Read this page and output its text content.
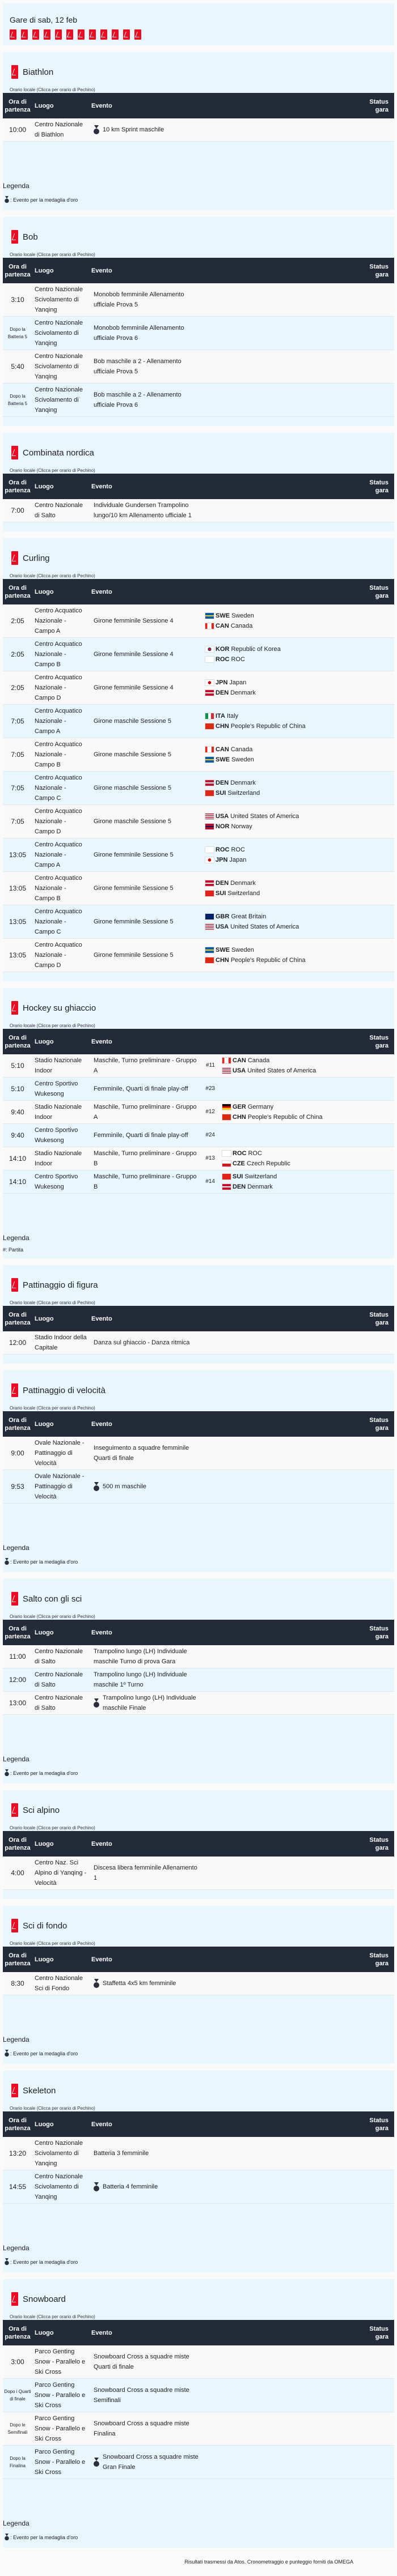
Gare di sab, 12 feb
Biathlon
Orario locale (Clicca per orario di Pechino)
Ora di partenza	Luogo	Evento		Status gara
10:00	Centro Nazionale di Biathlon	10 km Sprint maschile		

Legenda
: Evento per la medaglia d'oro
Bob
Orario locale (Clicca per orario di Pechino)
Ora di partenza	Luogo	Evento		Status gara
3:10	Centro Nazionale Scivolamento di Yanqing	Monobob femminile Allenamento ufficiale Prova 5		

Dopo la Batteria 5	Centro Nazionale Scivolamento di Yanqing	Monobob femminile Allenamento ufficiale Prova 6		

5:40	Centro Nazionale Scivolamento di Yanqing	Bob maschile a 2 - Allenamento ufficiale Prova 5		

Dopo la Batteria 5	Centro Nazionale Scivolamento di Yanqing	Bob maschile a 2 - Allenamento ufficiale Prova 6		

Combinata nordica
Orario locale (Clicca per orario di Pechino)
Ora di partenza	Luogo	Evento		Status gara
7:00	Centro Nazionale di Salto	Individuale Gundersen Trampolino lungo/10 km Allenamento ufficiale 1		

Curling
Orario locale (Clicca per orario di Pechino)
Ora di partenza	Luogo	Evento		Status gara
2:05	Centro Acquatico Nazionale - Campo A	Girone femminile Sessione 4	SWE Sweden
CAN Canada	

2:05	Centro Acquatico Nazionale - Campo B	Girone femminile Sessione 4	KOR Republic of Korea
ROC ROC	

2:05	Centro Acquatico Nazionale - Campo D	Girone femminile Sessione 4	JPN Japan
DEN Denmark	

7:05	Centro Acquatico Nazionale - Campo A	Girone maschile Sessione 5	ITA Italy
CHN People's Republic of China	

7:05	Centro Acquatico Nazionale - Campo B	Girone maschile Sessione 5	CAN Canada
SWE Sweden	

7:05	Centro Acquatico Nazionale - Campo C	Girone maschile Sessione 5	DEN Denmark
SUI Switzerland	

7:05	Centro Acquatico Nazionale - Campo D	Girone maschile Sessione 5	USA United States of America
NOR Norway	

13:05	Centro Acquatico Nazionale - Campo A	Girone femminile Sessione 5	ROC ROC
JPN Japan	

13:05	Centro Acquatico Nazionale - Campo B	Girone femminile Sessione 5	DEN Denmark
SUI Switzerland	

13:05	Centro Acquatico Nazionale - Campo C	Girone femminile Sessione 5	GBR Great Britain
USA United States of America	

13:05	Centro Acquatico Nazionale - Campo D	Girone femminile Sessione 5	SWE Sweden
CHN People's Republic of China	

Hockey su ghiaccio
Orario locale (Clicca per orario di Pechino)
Ora di partenza	Luogo	Evento			Status gara
5:10	Stadio Nazionale Indoor	Maschile, Turno preliminare - Gruppo A	#11	CAN Canada
USA United States of America	

5:10	Centro Sportivo Wukesong	Femminile, Quarti di finale play-off	#23		
9:40	Stadio Nazionale Indoor	Maschile, Turno preliminare - Gruppo A	#12	GER Germany
CHN People's Republic of China	

9:40	Centro Sportivo Wukesong	Femminile, Quarti di finale play-off	#24		
14:10	Stadio Nazionale Indoor	Maschile, Turno preliminare - Gruppo B	#13	ROC ROC
CZE Czech Republic	

14:10	Centro Sportivo Wukesong	Maschile, Turno preliminare - Gruppo B	#14	SUI Switzerland
DEN Denmark	

Legenda
#: Partita
Pattinaggio di figura
Orario locale (Clicca per orario di Pechino)
Ora di partenza	Luogo	Evento		Status gara
12:00	Stadio Indoor della Capitale	Danza sul ghiaccio - Danza ritmica		

Pattinaggio di velocità
Orario locale (Clicca per orario di Pechino)
Ora di partenza	Luogo	Evento		Status gara
9:00	Ovale Nazionale - Pattinaggio di Velocità	Inseguimento a squadre femminile Quarti di finale		

9:53	Ovale Nazionale - Pattinaggio di Velocità	500 m maschile		

Legenda
: Evento per la medaglia d'oro
Salto con gli sci
Orario locale (Clicca per orario di Pechino)
Ora di partenza	Luogo	Evento		Status gara
11:00	Centro Nazionale di Salto	Trampolino lungo (LH) Individuale maschile Turno di prova Gara		

12:00	Centro Nazionale di Salto	Trampolino lungo (LH) Individuale maschile 1º Turno		

13:00	Centro Nazionale di Salto	Trampolino lungo (LH) Individuale maschile Finale		

Legenda
: Evento per la medaglia d'oro
Sci alpino
Orario locale (Clicca per orario di Pechino)
Ora di partenza	Luogo	Evento		Status gara
4:00	Centro Naz. Sci Alpino di Yanqing - Velocità	Discesa libera femminile Allenamento 1		

Sci di fondo
Orario locale (Clicca per orario di Pechino)
Ora di partenza	Luogo	Evento		Status gara
8:30	Centro Nazionale Sci di Fondo	Staffetta 4x5 km femminile		

Legenda
: Evento per la medaglia d'oro
Skeleton
Orario locale (Clicca per orario di Pechino)
Ora di partenza	Luogo	Evento		Status gara
13:20	Centro Nazionale Scivolamento di Yanqing	Batteria 3 femminile		

14:55	Centro Nazionale Scivolamento di Yanqing	Batteria 4 femminile		

Legenda
: Evento per la medaglia d'oro
Snowboard
Orario locale (Clicca per orario di Pechino)
Ora di partenza	Luogo	Evento		Status gara
3:00	Parco Genting Snow - Parallelo e Ski Cross	Snowboard Cross a squadre miste Quarti di finale		

Dopo i Quarti di finale	Parco Genting Snow - Parallelo e Ski Cross	Snowboard Cross a squadre miste Semifinali		

Dopo le Semifinali	Parco Genting Snow - Parallelo e Ski Cross	Snowboard Cross a squadre miste Finalina		

Dopo la Finalina	Parco Genting Snow - Parallelo e Ski Cross	Snowboard Cross a squadre miste Gran Finale		

Legenda
: Evento per la medaglia d'oro
Risultati trasmessi da Atos. Cronometraggio e punteggio forniti da OMEGA
